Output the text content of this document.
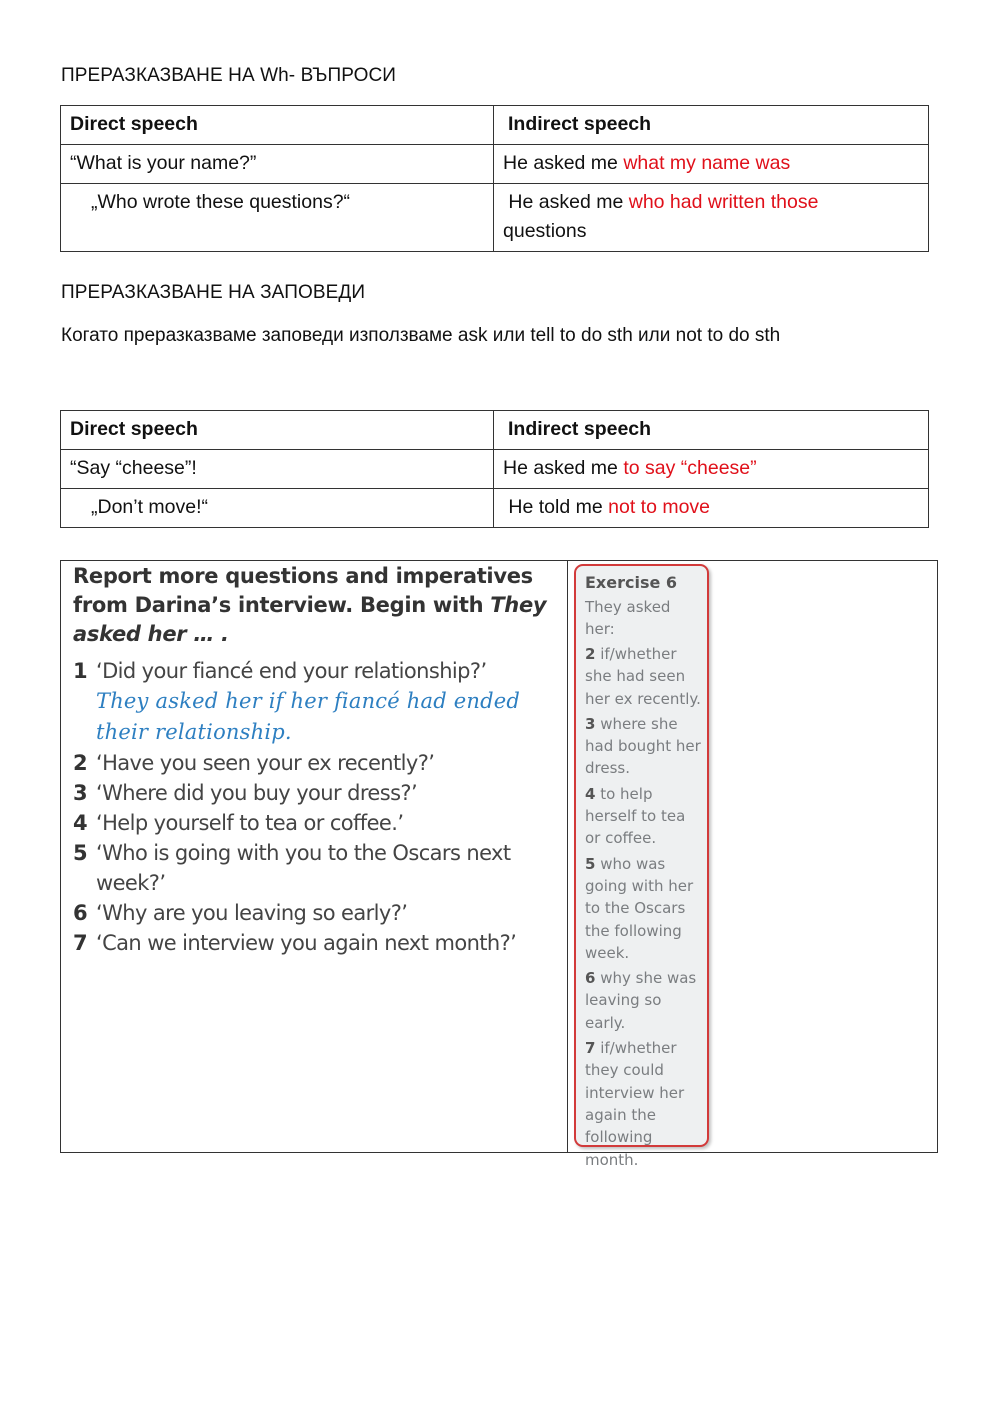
ПРЕРАЗКАЗВАНЕ НА Wh- ВЪПРОСИ
Direct speech	Indirect speech
“What is your name?”	He asked me what my name was
„Who wrote these questions?“	He asked me who had written those
questions
ПРЕРАЗКАЗВАНЕ НА ЗАПОВЕДИ
Когато преразказваме заповеди използваме ask или tell to do sth или not to do sth
Direct speech	Indirect speech
“Say “cheese”!	He asked me to say “cheese”
„Don’t move!“	He told me not to move
Report more questions and imperatives
from Darina’s interview. Begin with They asked her … .
1 ‘Did your fiancé end your relationship?’
They asked her if her fiancé had ended their relationship.
2 ‘Have you seen your ex recently?’
3 ‘Where did you buy your dress?’
4 ‘Help yourself to tea or coffee.’
5 ‘Who is going with you to the Oscars next week?’
6 ‘Why are you leaving so early?’
7 ‘Can we interview you again next month?’
Exercise 6
They asked her:
2 if/whether she had seen her ex recently.
3 where she had bought her dress.
4 to help herself to tea or coffee.
5 who was going with her to the Oscars the following week.
6 why she was leaving so early.
7 if/whether they could interview her again the following month.
